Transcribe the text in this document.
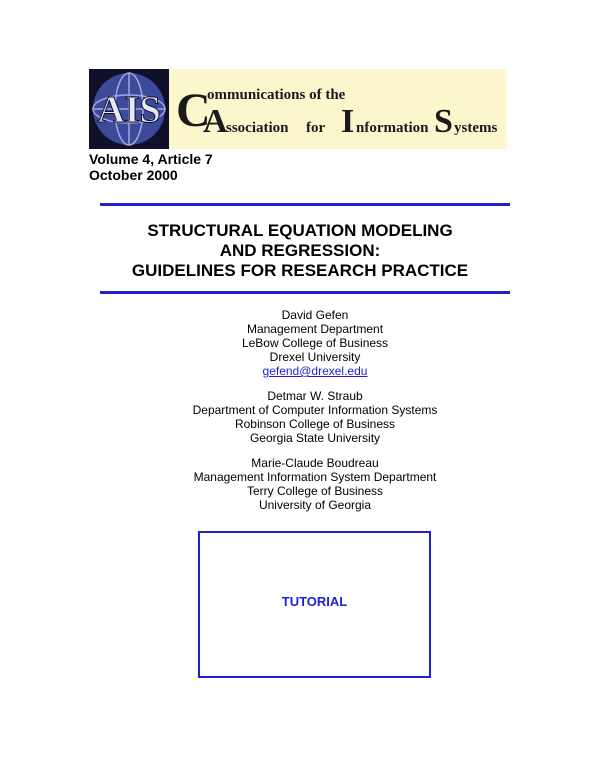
AIS C
ommunications of the
A
ssociation for I nformation S ystems
Volume 4, Article 7
October 2000
STRUCTURAL EQUATION MODELING
AND REGRESSION:
GUIDELINES FOR RESEARCH PRACTICE
David Gefen
Management Department
LeBow College of Business
Drexel University
gefend@drexel.edu
Detmar W. Straub
Department of Computer Information Systems
Robinson College of Business
Georgia State University
Marie-Claude Boudreau
Management Information System Department
Terry College of Business
University of Georgia
TUTORIAL
